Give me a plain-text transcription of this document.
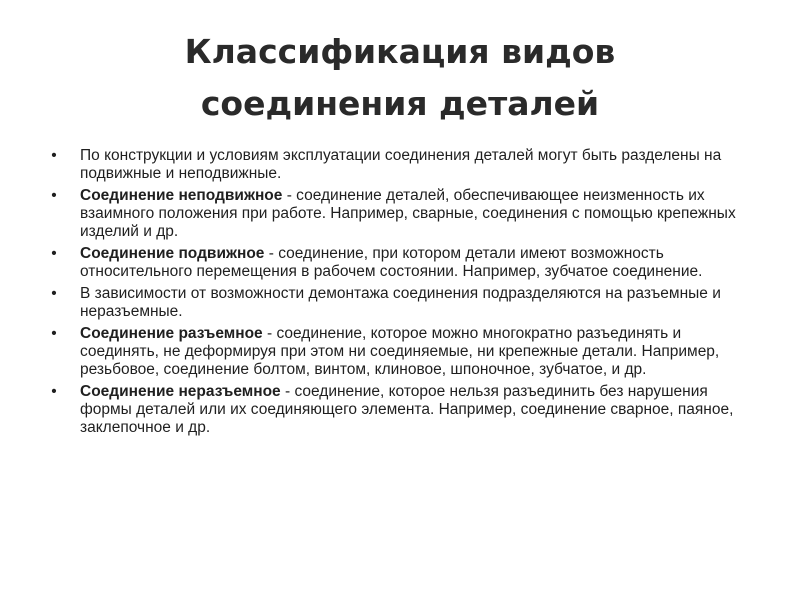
Классификация видов
соединения деталей
• По конструкции и условиям эксплуатации соединения деталей могут быть разделены на подвижные и неподвижные.
• Соединение неподвижное - соединение деталей, обеспечивающее неизменность их взаимного положения при работе. Например, сварные, соединения с помощью крепежных изделий и др.
• Соединение подвижное - соединение, при котором детали имеют возможность относительного перемещения в рабочем состоянии. Например, зубчатое соединение.
• В зависимости от возможности демонтажа соединения подразделяются на разъемные и неразъемные.
• Соединение разъемное - соединение, которое можно многократно разъединять и соединять, не деформируя при этом ни соединяемые, ни крепежные детали. Например, резьбовое, соединение болтом, винтом, клиновое, шпоночное, зубчатое, и др.
• Соединение неразъемное - соединение, которое нельзя разъединить без нарушения формы деталей или их соединяющего элемента. Например, соединение сварное, паяное, заклепочное и др.
